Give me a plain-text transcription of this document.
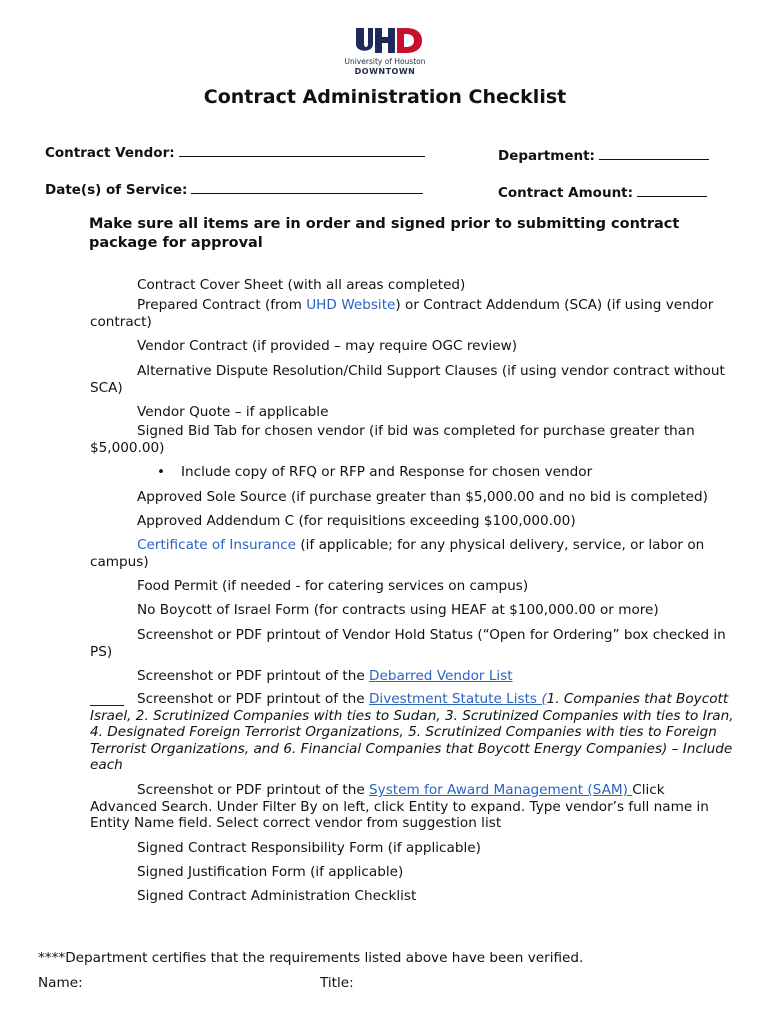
University of Houston
DOWNTOWN
Contract Administration Checklist
Contract Vendor:	Department:
Date(s) of Service:	Contract Amount:
Make sure all items are in order and signed prior to submitting contract package for approval
Contract Cover Sheet (with all areas completed)
Prepared Contract (from UHD Website) or Contract Addendum (SCA) (if using vendor contract)
Vendor Contract (if provided – may require OGC review)
Alternative Dispute Resolution/Child Support Clauses (if using vendor contract without SCA)
Vendor Quote – if applicable
Signed Bid Tab for chosen vendor (if bid was completed for purchase greater than $5,000.00)
• Include copy of RFQ or RFP and Response for chosen vendor
Approved Sole Source (if purchase greater than $5,000.00 and no bid is completed)
Approved Addendum C (for requisitions exceeding $100,000.00)
Certificate of Insurance (if applicable; for any physical delivery, service, or labor on campus)
Food Permit (if needed - for catering services on campus)
No Boycott of Israel Form (for contracts using HEAF at $100,000.00 or more)
Screenshot or PDF printout of Vendor Hold Status (“Open for Ordering” box checked in PS)
Screenshot or PDF printout of the Debarred Vendor List
_____ Screenshot or PDF printout of the Divestment Statute Lists (1. Companies that Boycott Israel, 2. Scrutinized Companies with ties to Sudan, 3. Scrutinized Companies with ties to Iran, 4. Designated Foreign Terrorist Organizations, 5. Scrutinized Companies with ties to Foreign Terrorist Organizations, and 6. Financial Companies that Boycott Energy Companies) – Include each
Screenshot or PDF printout of the System for Award Management (SAM) Click Advanced Search. Under Filter By on left, click Entity to expand. Type vendor’s full name in Entity Name field. Select correct vendor from suggestion list
Signed Contract Responsibility Form (if applicable)
Signed Justification Form (if applicable)
Signed Contract Administration Checklist
****Department certifies that the requirements listed above have been verified.
Name:	Title:
